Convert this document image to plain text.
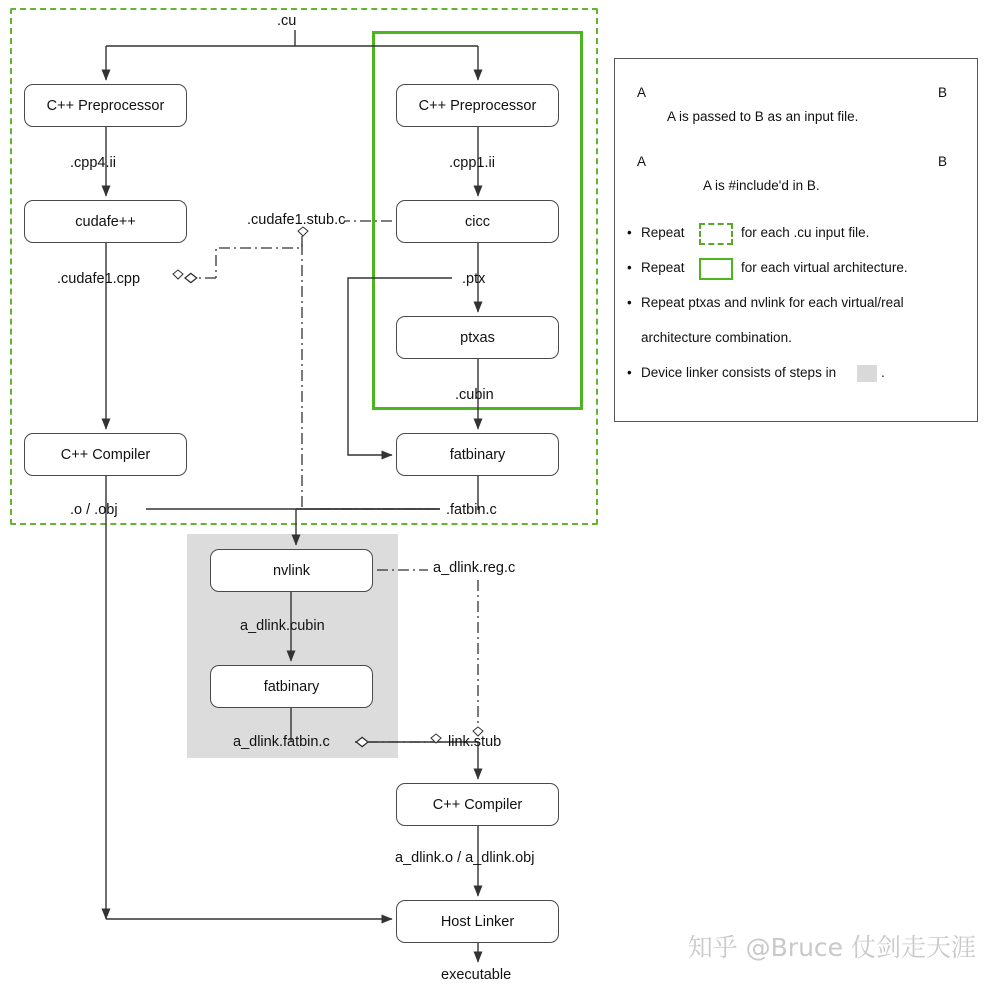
C++ Preprocessor
cudafe++
C++ Compiler
C++ Preprocessor
cicc
ptxas
fatbinary
nvlink
fatbinary
C++ Compiler
Host Linker
.cu
.cpp4.ii
.cudafe1.cpp
.o / .obj
.cpp1.ii
.ptx
.cubin
.fatbin.c
.cudafe1.stub.c
a_dlink.reg.c
a_dlink.cubin
a_dlink.fatbin.c	link.stub
a_dlink.o / a_dlink.obj
executable
A	B
A is passed to B as an input file.
A	B
A is #include'd in B.
• Repeat	for each .cu input file.
• Repeat	for each virtual architecture.
• Repeat ptxas and nvlink for each virtual/real
architecture combination.
• Device linker consists of steps in	.
知乎 @Bruce 仗剑走天涯
